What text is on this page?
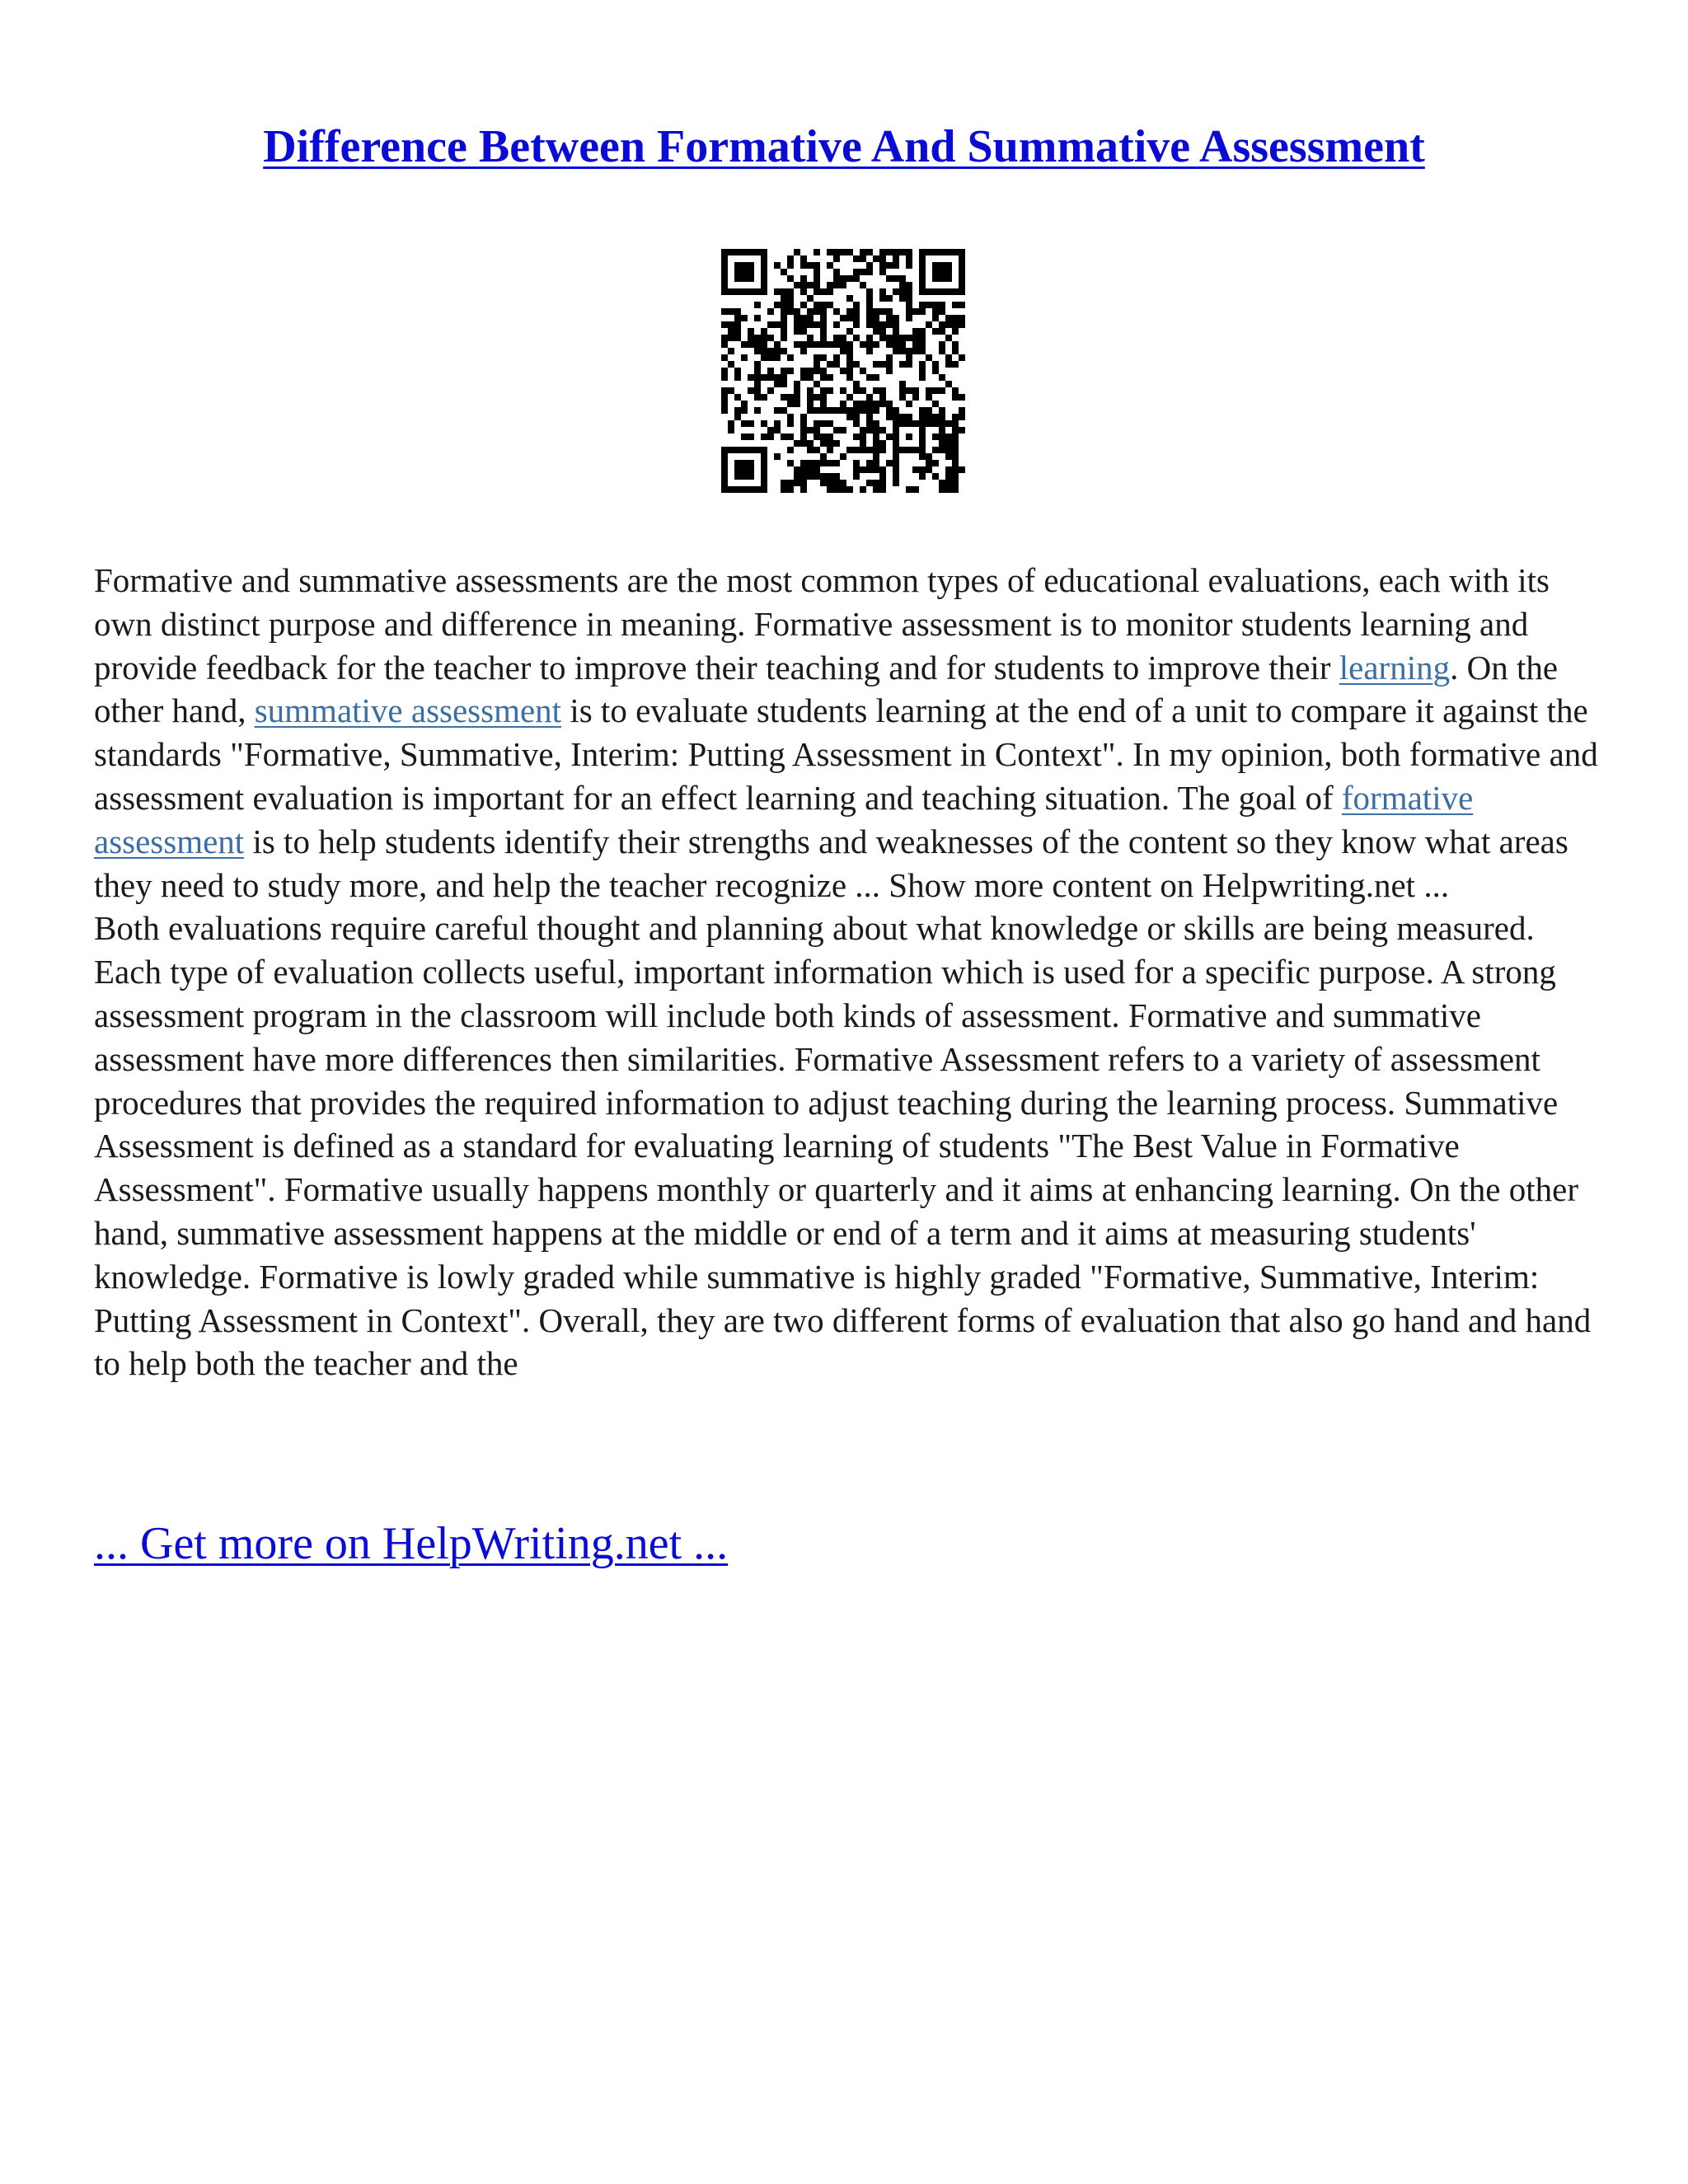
Difference Between Formative And Summative Assessment

Formative and summative assessments are the most common types of educational evaluations, each with its own distinct purpose and difference in meaning. Formative assessment is to monitor students learning and provide feedback for the teacher to improve their teaching and for students to improve their learning. On the other hand, summative assessment is to evaluate students learning at the end of a unit to compare it against the standards "Formative, Summative, Interim: Putting Assessment in Context". In my opinion, both formative and assessment evaluation is important for an effect learning and teaching situation. The goal of formative assessment is to help students identify their strengths and weaknesses of the content so they know what areas they need to study more, and help the teacher recognize ... Show more content on Helpwriting.net ...

Both evaluations require careful thought and planning about what knowledge or skills are being measured. Each type of evaluation collects useful, important information which is used for a specific purpose. A strong assessment program in the classroom will include both kinds of assessment. Formative and summative assessment have more differences then similarities. Formative Assessment refers to a variety of assessment procedures that provides the required information to adjust teaching during the learning process. Summative Assessment is defined as a standard for evaluating learning of students "The Best Value in Formative Assessment". Formative usually happens monthly or quarterly and it aims at enhancing learning. On the other hand, summative assessment happens at the middle or end of a term and it aims at measuring students' knowledge. Formative is lowly graded while summative is highly graded "Formative, Summative, Interim: Putting Assessment in Context". Overall, they are two different forms of evaluation that also go hand and hand to help both the teacher and the

... Get more on HelpWriting.net ...
